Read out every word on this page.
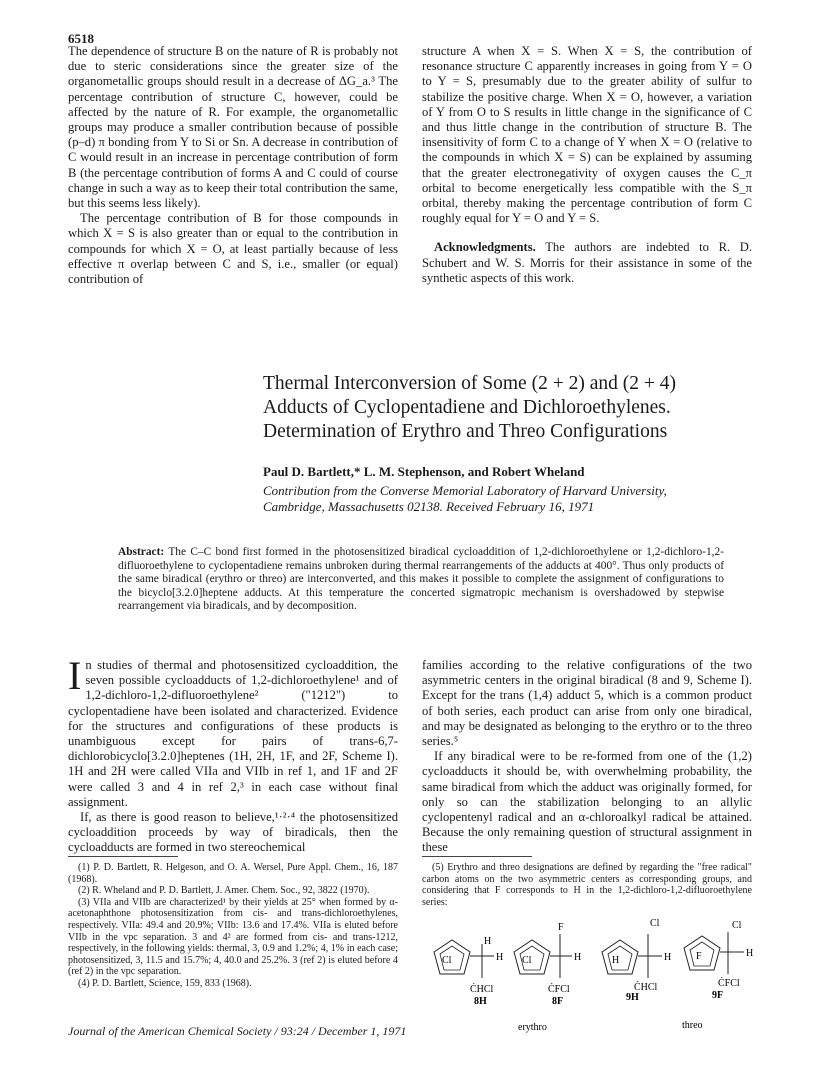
6518

The dependence of structure B on the nature of R is probably not due to steric considerations since the greater size of the organometallic groups should result in a decrease of ΔG_a.³ The percentage contribution of structure C, however, could be affected by the nature of R. For example, the organometallic groups may produce a smaller contribution because of possible (p–d) π bonding from Y to Si or Sn. A decrease in contribution of C would result in an increase in percentage contribution of form B (the percentage contribution of forms A and C could of course change in such a way as to keep their total contribution the same, but this seems less likely).

The percentage contribution of B for those compounds in which X = S is also greater than or equal to the contribution in compounds for which X = O, at least partially because of less effective π overlap between C and S, i.e., smaller (or equal) contribution of

structure A when X = S. When X = S, the contribution of resonance structure C apparently increases in going from Y = O to Y = S, presumably due to the greater ability of sulfur to stabilize the positive charge. When X = O, however, a variation of Y from O to S results in little change in the significance of C and thus little change in the contribution of structure B. The insensitivity of form C to a change of Y when X = O (relative to the compounds in which X = S) can be explained by assuming that the greater electronegativity of oxygen causes the C_π orbital to become energetically less compatible with the S_π orbital, thereby making the percentage contribution of form C roughly equal for Y = O and Y = S.

Acknowledgments. The authors are indebted to R. D. Schubert and W. S. Morris for their assistance in some of the synthetic aspects of this work.

Thermal Interconversion of Some (2 + 2) and (2 + 4)
Adducts of Cyclopentadiene and Dichloroethylenes.
Determination of Erythro and Threo Configurations
Paul D. Bartlett,* L. M. Stephenson, and Robert Wheland
Contribution from the Converse Memorial Laboratory of Harvard University,
Cambridge, Massachusetts 02138. Received February 16, 1971
Abstract: The C–C bond first formed in the photosensitized biradical cycloaddition of 1,2-dichloroethylene or 1,2-dichloro-1,2-difluoroethylene to cyclopentadiene remains unbroken during thermal rearrangements of the adducts at 400°. Thus only products of the same biradical (erythro or threo) are interconverted, and this makes it possible to complete the assignment of configurations to the bicyclo[3.2.0]heptene adducts. At this temperature the concerted sigmatropic mechanism is overshadowed by stepwise rearrangement via biradicals, and by decomposition.

In studies of thermal and photosensitized cycloaddition, the seven possible cycloadducts of 1,2-dichloroethylene¹ and of 1,2-dichloro-1,2-difluoroethylene² ("1212") to cyclopentadiene have been isolated and characterized. Evidence for the structures and configurations of these products is unambiguous except for pairs of trans-6,7-dichlorobicyclo[3.2.0]heptenes (1H, 2H, 1F, and 2F, Scheme I). 1H and 2H were called VIIa and VIIb in ref 1, and 1F and 2F were called 3 and 4 in ref 2,³ in each case without final assignment.

If, as there is good reason to believe,¹·²·⁴ the photosensitized cycloaddition proceeds by way of biradicals, then the cycloadducts are formed in two stereochemical

families according to the relative configurations of the two asymmetric centers in the original biradical (8 and 9, Scheme I). Except for the trans (1,4) adduct 5, which is a common product of both series, each product can arise from only one biradical, and may be designated as belonging to the erythro or to the threo series.⁵

If any biradical were to be re-formed from one of the (1,2) cycloadducts it should be, with overwhelming probability, the same biradical from which the adduct was originally formed, for only so can the stabilization belonging to an allylic cyclopentenyl radical and an α-chloroalkyl radical be attained. Because the only remaining question of structural assignment in these

(1) P. D. Bartlett, R. Helgeson, and O. A. Wersel, Pure Appl. Chem., 16, 187 (1968).

(2) R. Wheland and P. D. Bartlett, J. Amer. Chem. Soc., 92, 3822 (1970).

(3) VIIa and VIIb are characterized¹ by their yields at 25° when formed by α-acetonaphthone photosensitization from cis- and trans-dichloroethylenes, respectively. VIIa: 49.4 and 20.9%; VIIb: 13.6 and 17.4%. VIIa is eluted before VIIb in the vpc separation. 3 and 4² are formed from cis- and trans-1212, respectively, in the following yields: thermal, 3, 0.9 and 1.2%; 4, 1% in each case; photosensitized, 3, 11.5 and 15.7%; 4, 40.0 and 25.2%. 3 (ref 2) is eluted before 4 (ref 2) in the vpc separation.

(4) P. D. Bartlett, Science, 159, 833 (1968).

(5) Erythro and threo designations are defined by regarding the "free radical" carbon atoms on the two asymmetric centers as corresponding groups, and considering that F corresponds to H in the 1,2-dichloro-1,2-difluoroethylene series:

Cl
H
H
ĊHCl
8H
Cl
F
H
ĊFCl
8F
H
Cl
H
ĊHCl
9H
F
Cl
H
ĊFCl
9F
erythro	threo
Journal of the American Chemical Society / 93:24 / December 1, 1971
